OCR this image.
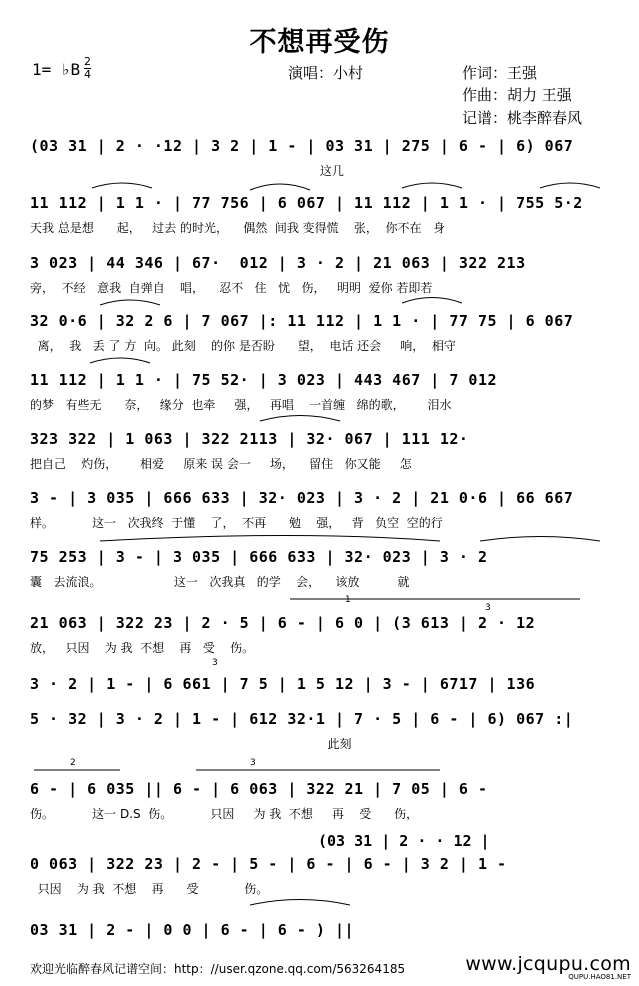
不想再受伤
1= ♭B $\frac{2}{4}$	演唱：小村	作词：王强
作曲：胡力 王强
记谱：桃李醉春风
(03 31 | 2 · ·12 | 3 2 | 1 - | 03 31 | 275 | 6 - | 6) 067
这几
11 112 | 1 1 · | 77 756 | 6 067 | 11 112 | 1 1 · | 755 5·2
天我 总是想      起，   过去 的时光，    偶然  间我 变得慌    张，  你不在   身
3 023 | 44 346 | 67·  012 | 3 · 2 | 21 063 | 322 213
旁，  不经   意我  自弹自    唱，    忍不   住   忧   伤，   明明  爱你 若即若
32 0·6 | 32 2 6 | 7 067 |: 11 112 | 1 1 · | 77 75 | 6 067
离，  我   丢 了 方  向。 此刻    的你 是否盼      望，  电话 还会     响，  相守
11 112 | 1 1 · | 75 52· | 3 023 | 443 467 | 7 012
的梦   有些无      奈，   缘分  也牵     强，   再唱    一首缠   绵的歌，      泪水
323 322 | 1 063 | 322 2113 | 32· 067 | 111 12·
把自己    灼伤，      相爱     原来 误 会一     场，    留住   你又能     怎
3 - | 3 035 | 666 633 | 32· 023 | 3 · 2 | 21 0·6 | 66 667
样。          这一   次我终  于懂    了，  不再      勉    强，   背   负空  空的行
75 253 | 3 - | 3 035 | 666 633 | 32· 023 | 3 · 2
囊   去流浪。                   这一   次我真   的学    会，    该放          就
21 063 | 322 23 | 2 · 5 | 6 - | 6 0 | (3 613 | 2 · 12
放，   只因    为 我  不想    再   受    伤。
3 · 2 | 1 - | 6 661 | 7 5 | 1 5 12 | 3 - | 6717 | 136
5 · 32 | 3 · 2 | 1 - | 612 32·1 | 7 · 5 | 6 - | 6) 067 :|
此刻
6 - | 6 035 || 6 - | 6 063 | 322 21 | 7 05 | 6 -
伤。          这一 D.S  伤。          只因     为 我  不想     再    受      伤，
0 063 | 322 23 | 2 - | 5 - | 6 - | 6 - | 3 2 | 1 -
只因    为 我  不想    再      受            伤。
03 31 | 2 - | 0 0 | 6 - | 6 - ) ||
(03 31 | 2 · · 12 |
欢迎光临醉春风记谱空间：http：//user.qzone.qq.com/563264185	www.jcqupu.com
QUPU.HAO81.NET
1
2	3
3
3
